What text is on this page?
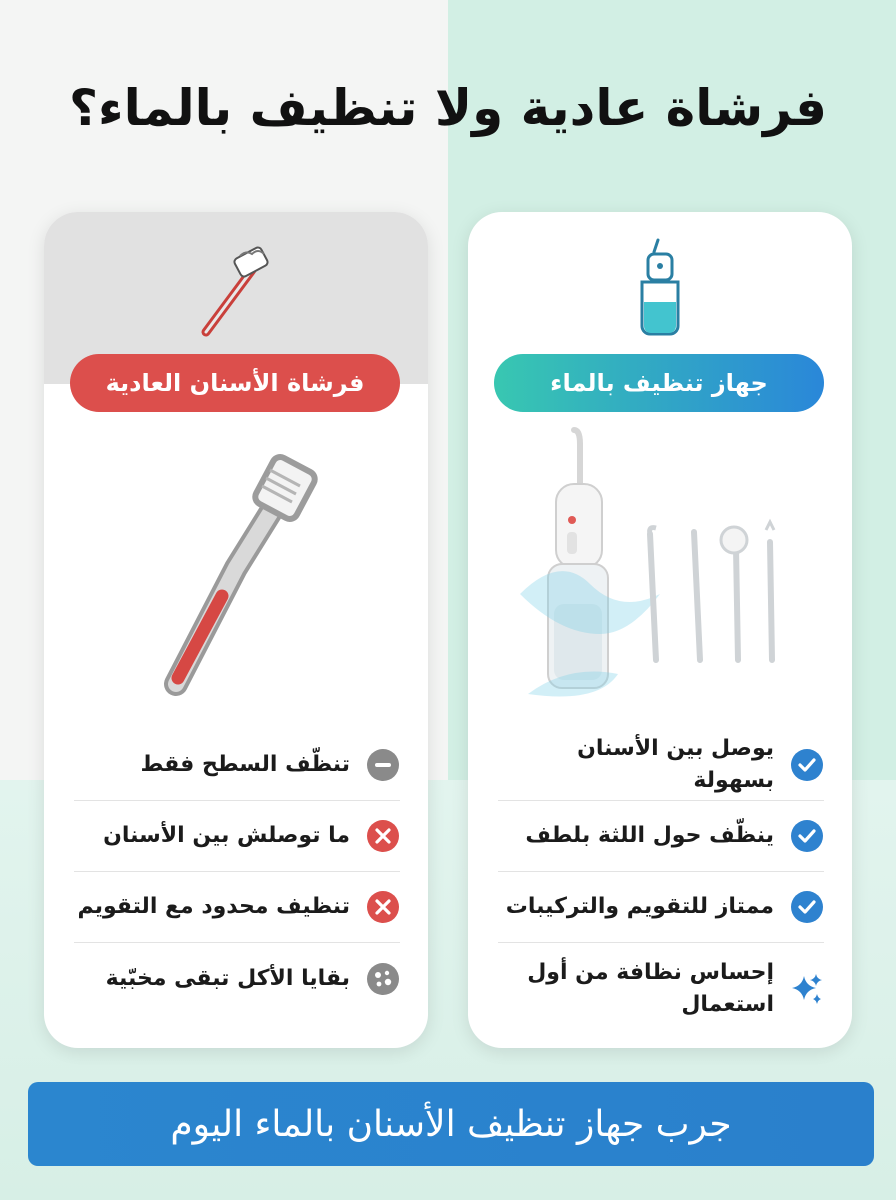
فرشاة عادية ولا تنظيف بالماء؟
فرشاة الأسنان العادية
تنظّف السطح فقط
ما توصلش بين الأسنان
تنظيف محدود مع التقويم
بقايا الأكل تبقى مخبّية
جهاز تنظيف بالماء
يوصل بين الأسنان بسهولة
ينظّف حول اللثة بلطف
ممتاز للتقويم والتركيبات
إحساس نظافة من أول استعمال
جرب جهاز تنظيف الأسنان بالماء اليوم
